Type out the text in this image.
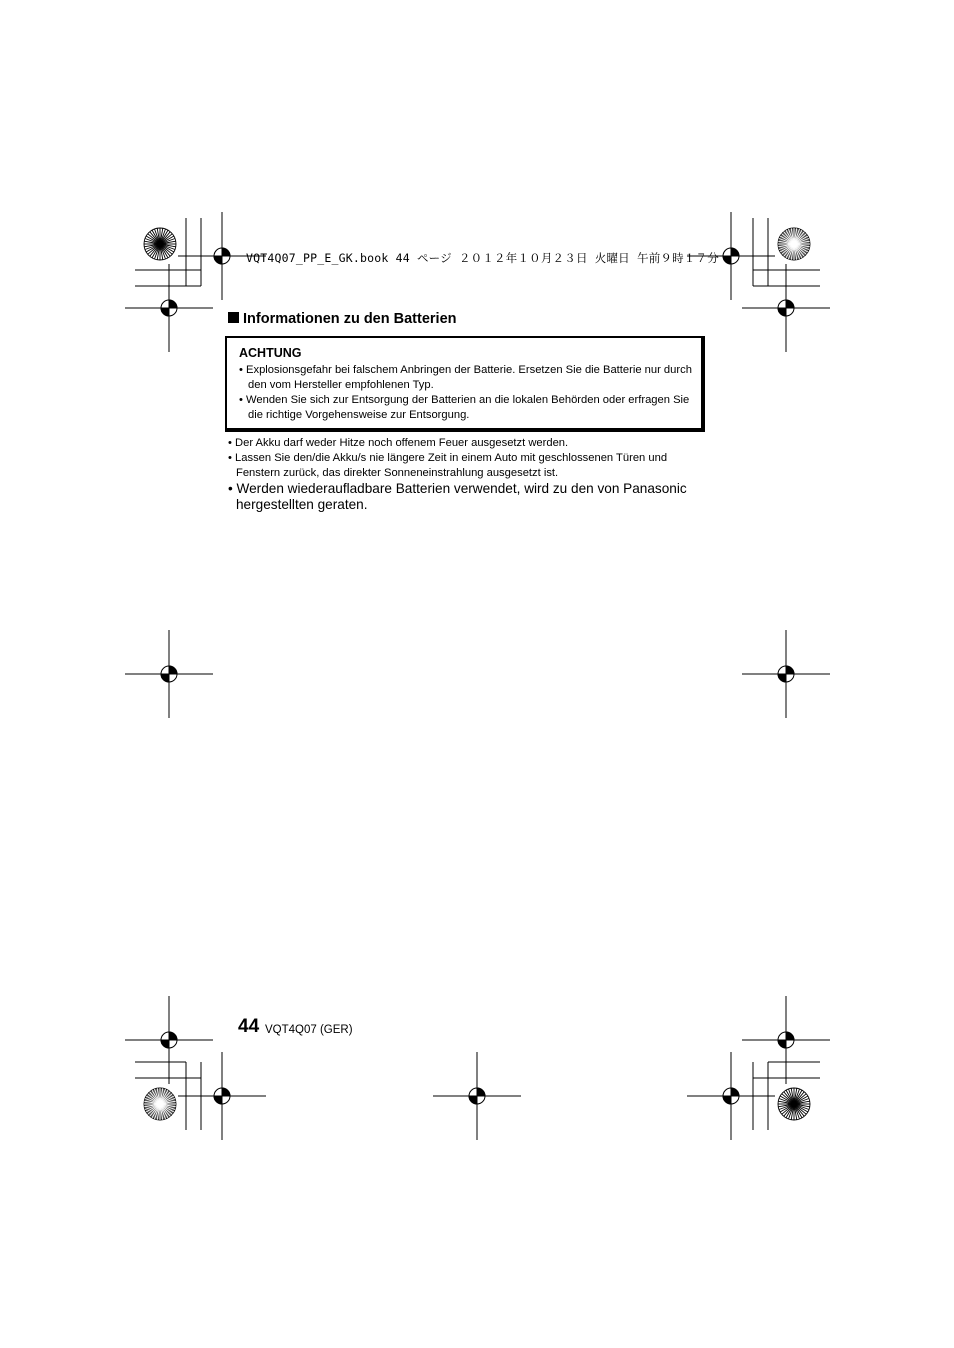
VQT4Q07_PP_E_GK.book 44 ページ ２０１２年１０月２３日 火曜日 午前９時１７分
Informationen zu den Batterien
ACHTUNG
• Explosionsgefahr bei falschem Anbringen der Batterie. Ersetzen Sie die Batterie nur durch den vom Hersteller empfohlenen Typ.
• Wenden Sie sich zur Entsorgung der Batterien an die lokalen Behörden oder erfragen Sie die richtige Vorgehensweise zur Entsorgung.
• Der Akku darf weder Hitze noch offenem Feuer ausgesetzt werden.
• Lassen Sie den/die Akku/s nie längere Zeit in einem Auto mit geschlossenen Türen und Fenstern zurück, das direkter Sonneneinstrahlung ausgesetzt ist.
• Werden wiederaufladbare Batterien verwendet, wird zu den von Panasonic hergestellten geraten.
44 VQT4Q07 (GER)
